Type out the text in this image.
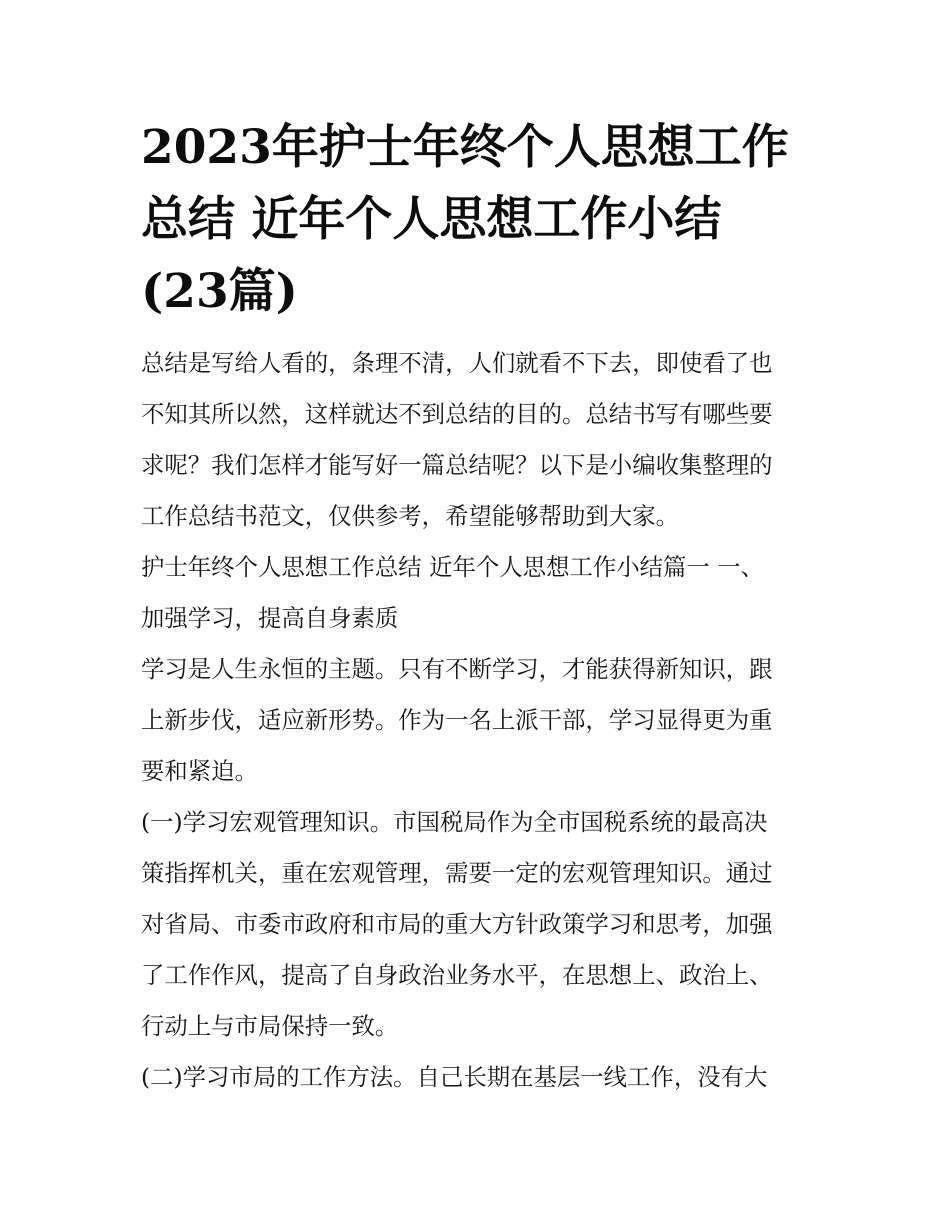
2023年护士年终个人思想工作
总结 近年个人思想工作小结
(23篇)
总结是写给人看的，条理不清，人们就看不下去，即使看了也
不知其所以然，这样就达不到总结的目的。总结书写有哪些要
求呢？我们怎样才能写好一篇总结呢？以下是小编收集整理的
工作总结书范文，仅供参考，希望能够帮助到大家。
护士年终个人思想工作总结 近年个人思想工作小结篇一 一、
加强学习，提高自身素质
学习是人生永恒的主题。只有不断学习，才能获得新知识，跟
上新步伐，适应新形势。作为一名上派干部，学习显得更为重
要和紧迫。
(一)学习宏观管理知识。市国税局作为全市国税系统的最高决
策指挥机关，重在宏观管理，需要一定的宏观管理知识。通过
对省局、市委市政府和市局的重大方针政策学习和思考，加强
了工作作风，提高了自身政治业务水平，在思想上、政治上、
行动上与市局保持一致。
(二)学习市局的工作方法。自己长期在基层一线工作，没有大
